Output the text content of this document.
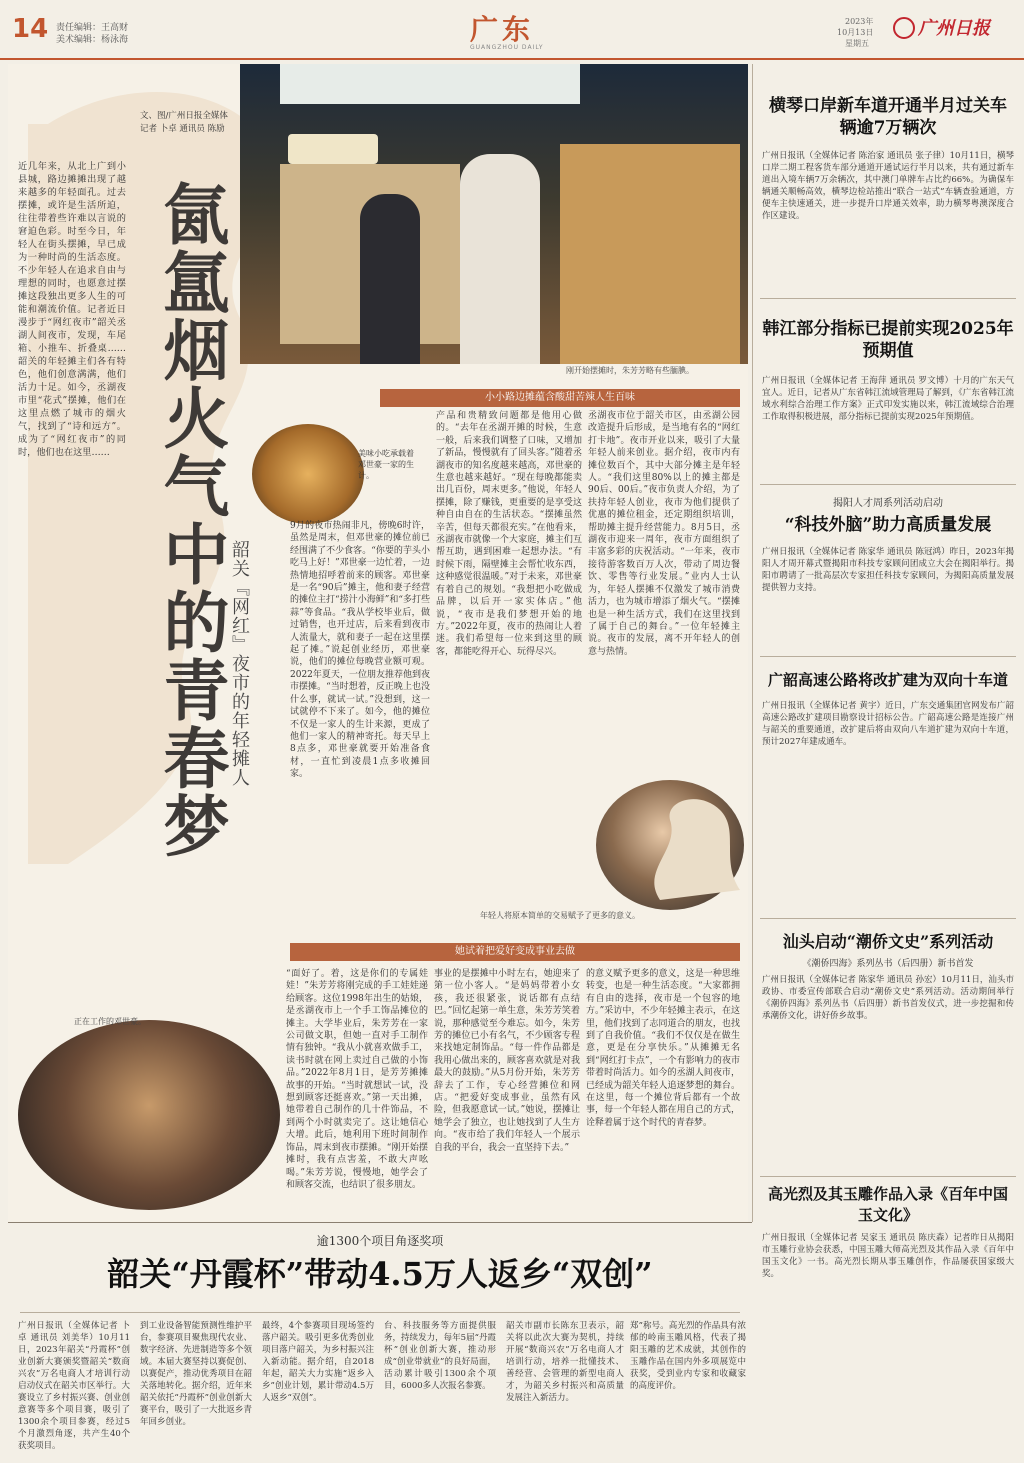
14 责任编辑：王高财
美术编辑：杨泳海	广东
GUANGZHOU DAILY
2023年
10月13日
星期五
广州日报
刚开始摆摊时，朱芳芳略有些腼腆。
文、图/广州日报全媒体记者 卜卓 通讯员 陈励
近几年来，从北上广到小县城，路边摊摊出现了越来越多的年轻面孔。过去摆摊，或许是生活所迫，往往带着些许难以言说的窘迫色彩。时至今日，年轻人在街头摆摊，早已成为一种时尚的生活态度。不少年轻人在追求自由与理想的同时，也愿意过摆摊这段独出更多人生的可能和潮流价值。记者近日漫步于“网红夜市”韶关丞湖人间夜市，发现，车尾箱、小推车、折叠桌……韶关的年轻摊主们各有特色，他们创意满满，他们活力十足。如今，丞湖夜市里“花式”摆摊，他们在这里点燃了城市的烟火气，找到了“诗和远方”。成为了“网红夜市”的同时，他们也在这里…… 氤氲烟火气中的青春梦 韶关『网红』夜市的年轻摊人
小小路边摊蕴含酸甜苦辣人生百味
美味小吃承载着邓世豪一家的生计。
9月的夜市热闹非凡，傍晚6时许，虽然是周末，但邓世豪的摊位前已经围满了不少食客。“你要的芋头小吃马上好！”邓世豪一边忙着，一边热情地招呼着前来的顾客。邓世豪是一名“90后”摊主，他和妻子经营的摊位主打“捞汁小海鲜”和“多打些蒜”等食品。“我从学校毕业后，做过销售，也开过店，后来看到夜市人流量大，就和妻子一起在这里摆起了摊。”说起创业经历，邓世豪说，他们的摊位每晚营业额可观。2022年夏天，一位朋友推荐他到夜市摆摊。“当时想着，反正晚上也没什么事，就试一试。”没想到，这一试就停不下来了。如今，他的摊位不仅是一家人的生计来源，更成了他们一家人的精神寄托。每天早上8点多，邓世豪就要开始准备食材，一直忙到凌晨1点多收摊回家。
产品和贵精致问题都是他用心做的。“去年在丞湖开摊的时候，生意一般，后来我们调整了口味，又增加了新品，慢慢就有了回头客。”随着丞湖夜市的知名度越来越高，邓世豪的生意也越来越好。“现在每晚都能卖出几百份，周末更多。”他说，年轻人摆摊，除了赚钱，更重要的是享受这种自由自在的生活状态。“摆摊虽然辛苦，但每天都很充实。”在他看来，丞湖夜市就像一个大家庭，摊主们互帮互助，遇到困难一起想办法。“有时候下雨，隔壁摊主会帮忙收东西，这种感觉很温暖。”对于未来，邓世豪有着自己的规划。“我想把小吃做成品牌，以后开一家实体店。”他说，“夜市是我们梦想开始的地方。”2022年夏，夜市的热闹让人着迷。我们希望每一位来到这里的顾客，都能吃得开心、玩得尽兴。
丞湖夜市位于韶关市区，由丞湖公园改造提升后形成，是当地有名的“网红打卡地”。夜市开业以来，吸引了大量年轻人前来创业。据介绍，夜市内有摊位数百个，其中大部分摊主是年轻人。“我们这里80%以上的摊主都是90后、00后。”夜市负责人介绍，为了扶持年轻人创业，夜市为他们提供了优惠的摊位租金，还定期组织培训，帮助摊主提升经营能力。8月5日，丞湖夜市迎来一周年，夜市方面组织了丰富多彩的庆祝活动。“一年来，夜市接待游客数百万人次，带动了周边餐饮、零售等行业发展。”业内人士认为，年轻人摆摊不仅激发了城市消费活力，也为城市增添了烟火气。“摆摊也是一种生活方式，我们在这里找到了属于自己的舞台。”一位年轻摊主说。夜市的发展，离不开年轻人的创意与热情。
年轻人将原本简单的交易赋予了更多的意义。
她试着把爱好变成事业去做
正在工作的邓世豪。
“面好了。着，这是你们的专属娃娃！”朱芳芳将刚完成的手工娃娃递给顾客。这位1998年出生的姑娘，是丞湖夜市上一个手工饰品摊位的摊主。大学毕业后，朱芳芳在一家公司做文职，但她一直对手工制作情有独钟。“我从小就喜欢做手工，读书时就在网上卖过自己做的小饰品。”2022年8月1日，是芳芳摊摊故事的开始。“当时就想试一试，没想到顾客还挺喜欢。”第一天出摊，她带着自己制作的几十件饰品，不到两个小时就卖完了。这让她信心大增。此后，她利用下班时间制作饰品，周末到夜市摆摊。“刚开始摆摊时，我有点害羞，不敢大声吆喝。”朱芳芳说，慢慢地，她学会了和顾客交流，也结识了很多朋友。
事业的是摆摊中小时左右，她迎来了第一位小客人。“是妈妈带着小女孩，我还很紧张，说话都有点结巴。”回忆起第一单生意，朱芳芳笑着说，那种感觉至今难忘。如今，朱芳芳的摊位已小有名气，不少顾客专程来找她定制饰品。“每一件作品都是我用心做出来的，顾客喜欢就是对我最大的鼓励。”从5月份开始，朱芳芳辞去了工作，专心经营摊位和网店。“把爱好变成事业，虽然有风险，但我愿意试一试。”她说，摆摊让她学会了独立，也让她找到了人生方向。“夜市给了我们年轻人一个展示自我的平台，我会一直坚持下去。”
的意义赋予更多的意义，这是一种思维转变，也是一种生活态度。“大家都拥有自由的选择，夜市是一个包容的地方。”采访中，不少年轻摊主表示，在这里，他们找到了志同道合的朋友，也找到了自我价值。“我们不仅仅是在做生意，更是在分享快乐。”从摊摊无名到“网红打卡点”，一个有影响力的夜市带着时尚活力。如今的丞湖人间夜市，已经成为韶关年轻人追逐梦想的舞台。在这里，每一个摊位背后都有一个故事，每一个年轻人都在用自己的方式，诠释着属于这个时代的青春梦。
横琴口岸新车道开通半月过关车辆逾7万辆次
广州日报讯（全媒体记者 陈治家 通讯员 张子律）10月11日，横琴口岸二期工程客货车部分通道开通试运行半月以来，共有通过新车道出入境车辆7万余辆次，其中澳门单牌车占比约66%。为确保车辆通关顺畅高效，横琴边检站推出“联合一站式”车辆查验通道，方便车主快速通关，进一步提升口岸通关效率，助力横琴粤澳深度合作区建设。
韩江部分指标已提前实现2025年预期值
广州日报讯（全媒体记者 王海萍 通讯员 罗文博）十月的广东天气宜人。近日，记者从广东省韩江流域管理局了解到，《广东省韩江流域水利综合治理工作方案》正式印发实施以来，韩江流域综合治理工作取得积极进展，部分指标已提前实现2025年预期值。
揭阳人才周系列活动启动
“科技外脑”助力高质量发展
广州日报讯（全媒体记者 陈家华 通讯员 陈冠鸿）昨日，2023年揭阳人才周开幕式暨揭阳市科技专家顾问团成立大会在揭阳举行。揭阳市聘请了一批高层次专家担任科技专家顾问，为揭阳高质量发展提供智力支持。
广韶高速公路将改扩建为双向十车道
广州日报讯（全媒体记者 黄宇）近日，广东交通集团官网发布广韶高速公路改扩建项目勘察设计招标公告。广韶高速公路是连接广州与韶关的重要通道，改扩建后将由双向八车道扩建为双向十车道，预计2027年建成通车。
汕头启动“潮侨文史”系列活动
《潮侨四海》系列丛书（后四册）新书首发
广州日报讯（全媒体记者 陈家华 通讯员 孙宏）10月11日，汕头市政协、市委宣传部联合启动“潮侨文史”系列活动。活动期间举行《潮侨四海》系列丛书（后四册）新书首发仪式，进一步挖掘和传承潮侨文化，讲好侨乡故事。
高光烈及其玉雕作品入录《百年中国玉文化》
广州日报讯（全媒体记者 吴家玉 通讯员 陈庆森）记者昨日从揭阳市玉雕行业协会获悉，中国玉雕大师高光烈及其作品入录《百年中国玉文化》一书。高光烈长期从事玉雕创作，作品屡获国家级大奖。
逾1300个项目角逐奖项
韶关“丹霞杯”带动4.5万人返乡“双创”
广州日报讯（全媒体记者 卜卓 通讯员 刘美华）10月11日，2023年韶关“丹霞杯”创业创新大赛颁奖暨韶关“数商兴农”万名电商人才培训行动启动仪式在韶关市区举行。大赛设立了乡村振兴赛、创业创意赛等多个项目赛，吸引了1300余个项目参赛，经过5个月激烈角逐，共产生40个获奖项目。
到工业设备智能预测性维护平台，参赛项目聚焦现代农业、数字经济、先进制造等多个领域。本届大赛坚持以赛促创、以赛促产，推动优秀项目在韶关落地转化。据介绍，近年来韶关依托“丹霞杯”创业创新大赛平台，吸引了一大批返乡青年回乡创业。
最终，4个参赛项目现场签约落户韶关。吸引更多优秀创业项目落户韶关，为乡村振兴注入新动能。据介绍，自2018年起，韶关大力实施“返乡入乡”创业计划，累计带动4.5万人返乡“双创”。
台、科技服务等方面提供服务，持续发力，每年5届“丹霞杯”创业创新大赛，推动形成“创业带就业”的良好局面，活动累计吸引1300余个项目，6000多人次报名参赛。
韶关市副市长陈东卫表示，韶关将以此次大赛为契机，持续开展“数商兴农”万名电商人才培训行动，培养一批懂技术、善经营、会管理的新型电商人才，为韶关乡村振兴和高质量发展注入新活力。
郑”称号。高光烈的作品具有浓郁的岭南玉雕风格，代表了揭阳玉雕的艺术成就，其创作的玉雕作品在国内外多项展览中获奖，受到业内专家和收藏家的高度评价。
